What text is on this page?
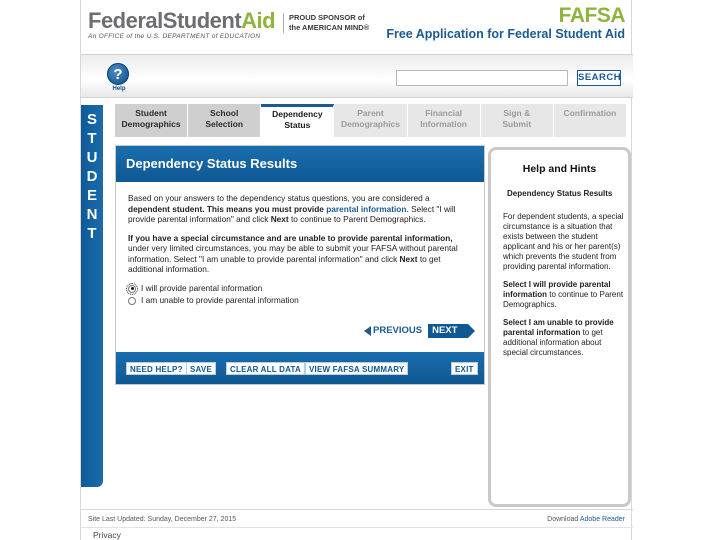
FederalStudentAid
An OFFICE of the U.S. DEPARTMENT of EDUCATION
PROUD SPONSOR of
the AMERICAN MIND®
FAFSA
Free Application for Federal Student Aid
?
Help
SEARCH
S
T
U
D
E
N
T
Student
Demographics
School
Selection
Dependency
Status
Parent
Demographics
Financial
Information
Sign &
Submit
Confirmation
Dependency Status Results

Based on your answers to the dependency status questions, you are considered a dependent student. This means you must provide parental information. Select "I will provide parental information" and click Next to continue to Parent Demographics.

If you have a special circumstance and are unable to provide parental information, under very limited circumstances, you may be able to submit your FAFSA without parental information. Select "I am unable to provide parental information" and click Next to get additional information.

I will provide parental information
I am unable to provide parental information
PREVIOUS	NEXT
NEED HELP? SAVE	CLEAR ALL DATA	VIEW FAFSA SUMMARY	EXIT
Help and Hints
Dependency Status Results

For dependent students, a special circumstance is a situation that exists between the student applicant and his or her parent(s) which prevents the student from providing parental information.

Select I will provide parental information to continue to Parent Demographics.

Select I am unable to provide parental information to get additional information about special circumstances.

Site Last Updated: Sunday, December 27, 2015	Download Adobe Reader
Privacy
